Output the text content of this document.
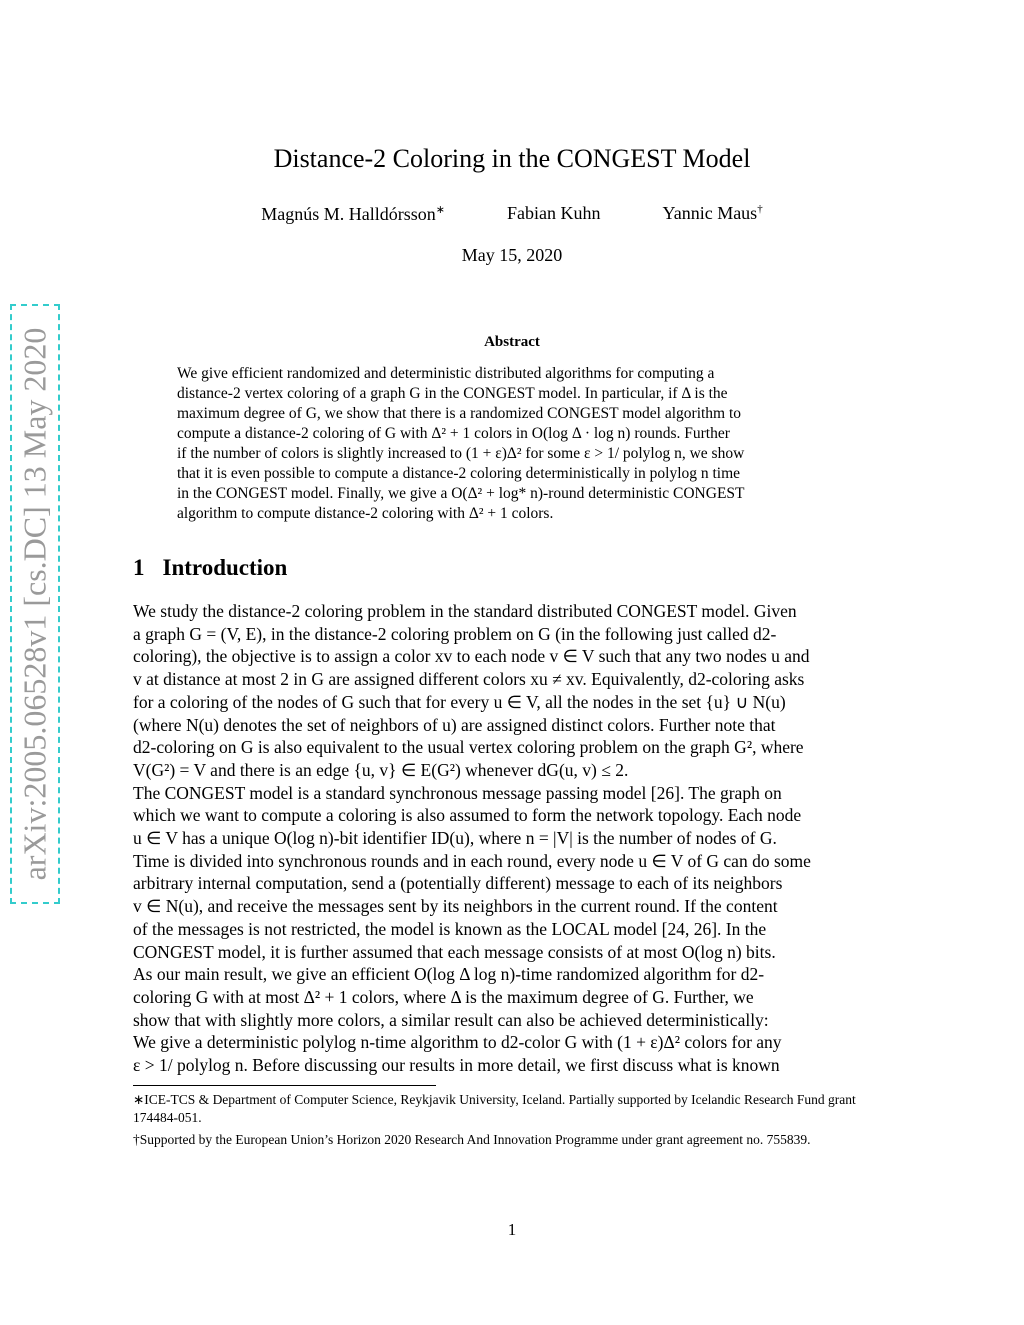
arXiv:2005.06528v1 [cs.DC] 13 May 2020
Distance-2 Coloring in the CONGEST Model
Magnús M. Halldórsson∗	Fabian Kuhn	Yannic Maus†
May 15, 2020
Abstract
We give efficient randomized and deterministic distributed algorithms for computing a
distance-2 vertex coloring of a graph G in the CONGEST model. In particular, if Δ is the
maximum degree of G, we show that there is a randomized CONGEST model algorithm to
compute a distance-2 coloring of G with Δ² + 1 colors in O(log Δ · log n) rounds. Further
if the number of colors is slightly increased to (1 + ε)Δ² for some ε > 1/ polylog n, we show
that it is even possible to compute a distance-2 coloring deterministically in polylog n time
in the CONGEST model. Finally, we give a O(Δ² + log* n)-round deterministic CONGEST
algorithm to compute distance-2 coloring with Δ² + 1 colors.
1 Introduction
We study the distance-2 coloring problem in the standard distributed CONGEST model. Given
a graph G = (V, E), in the distance-2 coloring problem on G (in the following just called d2-
coloring), the objective is to assign a color xv to each node v ∈ V such that any two nodes u and
v at distance at most 2 in G are assigned different colors xu ≠ xv. Equivalently, d2-coloring asks
for a coloring of the nodes of G such that for every u ∈ V, all the nodes in the set {u} ∪ N(u)
(where N(u) denotes the set of neighbors of u) are assigned distinct colors. Further note that
d2-coloring on G is also equivalent to the usual vertex coloring problem on the graph G², where
V(G²) = V and there is an edge {u, v} ∈ E(G²) whenever dG(u, v) ≤ 2.
The CONGEST model is a standard synchronous message passing model [26]. The graph on
which we want to compute a coloring is also assumed to form the network topology. Each node
u ∈ V has a unique O(log n)-bit identifier ID(u), where n = |V| is the number of nodes of G.
Time is divided into synchronous rounds and in each round, every node u ∈ V of G can do some
arbitrary internal computation, send a (potentially different) message to each of its neighbors
v ∈ N(u), and receive the messages sent by its neighbors in the current round. If the content
of the messages is not restricted, the model is known as the LOCAL model [24, 26]. In the
CONGEST model, it is further assumed that each message consists of at most O(log n) bits.
As our main result, we give an efficient O(log Δ log n)-time randomized algorithm for d2-
coloring G with at most Δ² + 1 colors, where Δ is the maximum degree of G. Further, we
show that with slightly more colors, a similar result can also be achieved deterministically:
We give a deterministic polylog n-time algorithm to d2-color G with (1 + ε)Δ² colors for any
ε > 1/ polylog n. Before discussing our results in more detail, we first discuss what is known
∗ICE-TCS & Department of Computer Science, Reykjavik University, Iceland. Partially supported by Icelandic Research Fund grant 174484-051.
†Supported by the European Union’s Horizon 2020 Research And Innovation Programme under grant agreement no. 755839.
1
